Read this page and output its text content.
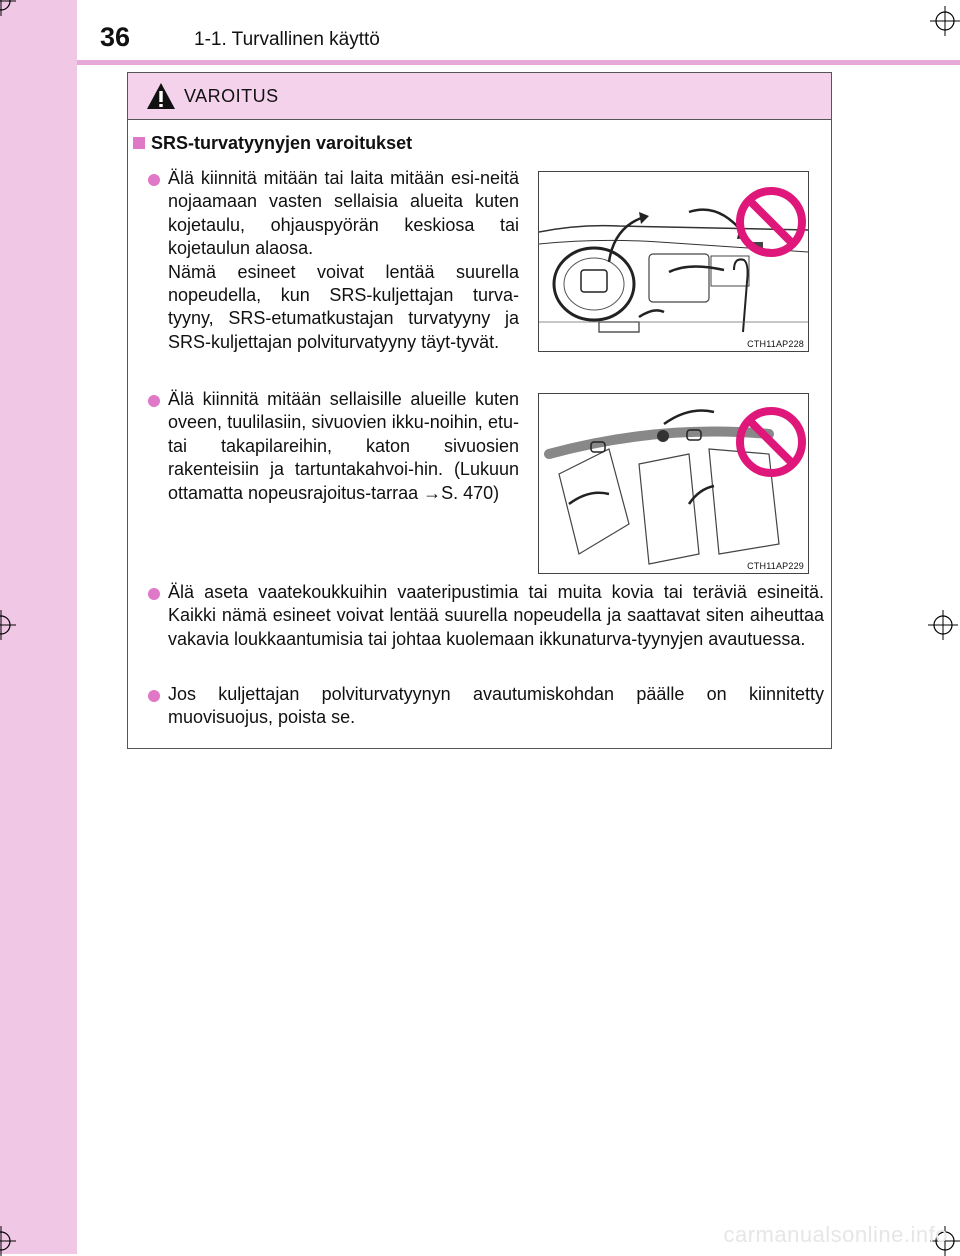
36	1-1. Turvallinen käyttö
VAROITUS
SRS-turvatyynyjen varoitukset
Älä kiinnitä mitään tai laita mitään esi-neitä nojaamaan vasten sellaisia alueita kuten kojetaulu, ohjauspyörän keskiosa tai kojetaulun alaosa.
Nämä esineet voivat lentää suurella nopeudella, kun SRS-kuljettajan turva-tyyny, SRS-etumatkustajan turvatyyny ja SRS-kuljettajan polviturvatyyny täyt-tyvät.	CTH11AP228
Älä kiinnitä mitään sellaisille alueille kuten oveen, tuulilasiin, sivuovien ikku-noihin, etu- tai takapilareihin, katon sivuosien rakenteisiin ja tartuntakahvoi-hin. (Lukuun ottamatta nopeusrajoitus-tarraa →S. 470)
CTH11AP229
Älä aseta vaatekoukkuihin vaateripustimia tai muita kovia tai teräviä esineitä. Kaikki nämä esineet voivat lentää suurella nopeudella ja saattavat siten aiheuttaa vakavia loukkaantumisia tai johtaa kuolemaan ikkunaturva-tyynyjen avautuessa.
Jos kuljettajan polviturvatyynyn avautumiskohdan päälle on kiinnitetty muovisuojus, poista se.
carmanualsonline.info
